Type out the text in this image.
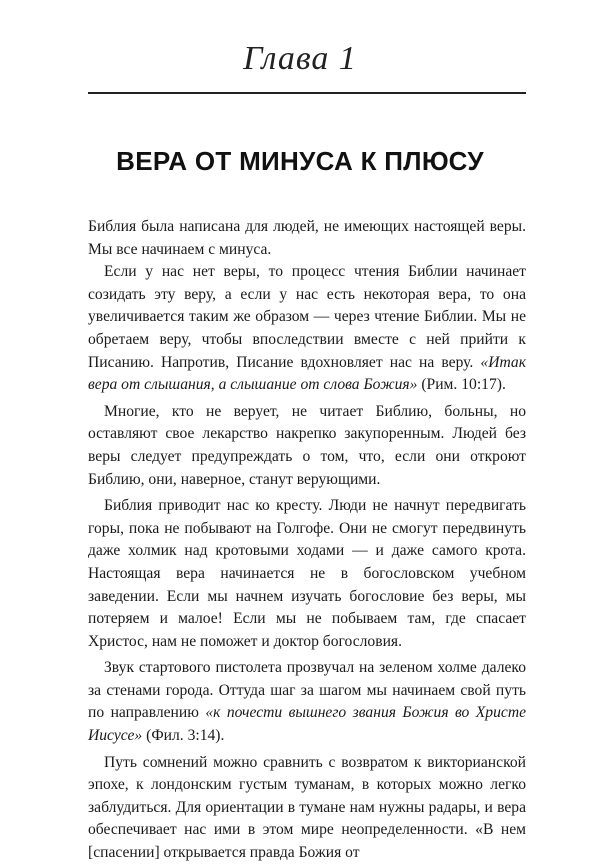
Глава 1
ВЕРА ОТ МИНУСА К ПЛЮСУ

Библия была написана для людей, не имеющих настоящей веры. Мы все начинаем с минуса.

Если у нас нет веры, то процесс чтения Библии начинает созидать эту веру, а если у нас есть некоторая вера, то она увеличивается таким же образом — через чтение Библии. Мы не обретаем веру, чтобы впоследствии вместе с ней прийти к Писанию. Напротив, Писание вдохновляет нас на веру. «Итак вера от слышания, а слышание от слова Божия» (Рим. 10:17).

Многие, кто не верует, не читает Библию, больны, но оставляют свое лекарство накрепко закупоренным. Людей без веры следует предупреждать о том, что, если они откроют Библию, они, наверное, станут верующими.

Библия приводит нас ко кресту. Люди не начнут передвигать горы, пока не побывают на Голгофе. Они не смогут передвинуть даже холмик над кротовыми ходами — и даже самого крота. Настоящая вера начинается не в богословском учебном заведении. Если мы начнем изучать богословие без веры, мы потеряем и малое! Если мы не побываем там, где спасает Христос, нам не поможет и доктор богословия.

Звук стартового пистолета прозвучал на зеленом холме далеко за стенами города. Оттуда шаг за шагом мы начинаем свой путь по направлению «к почести вышнего звания Божия во Христе Иисусе» (Фил. 3:14).

Путь сомнений можно сравнить с возвратом к викторианской эпохе, к лондонским густым туманам, в которых можно легко заблудиться. Для ориентации в тумане нам нужны радары, и вера обеспечивает нас ими в этом мире неопределенности. «В нем [спасении] открывается правда Божия от
